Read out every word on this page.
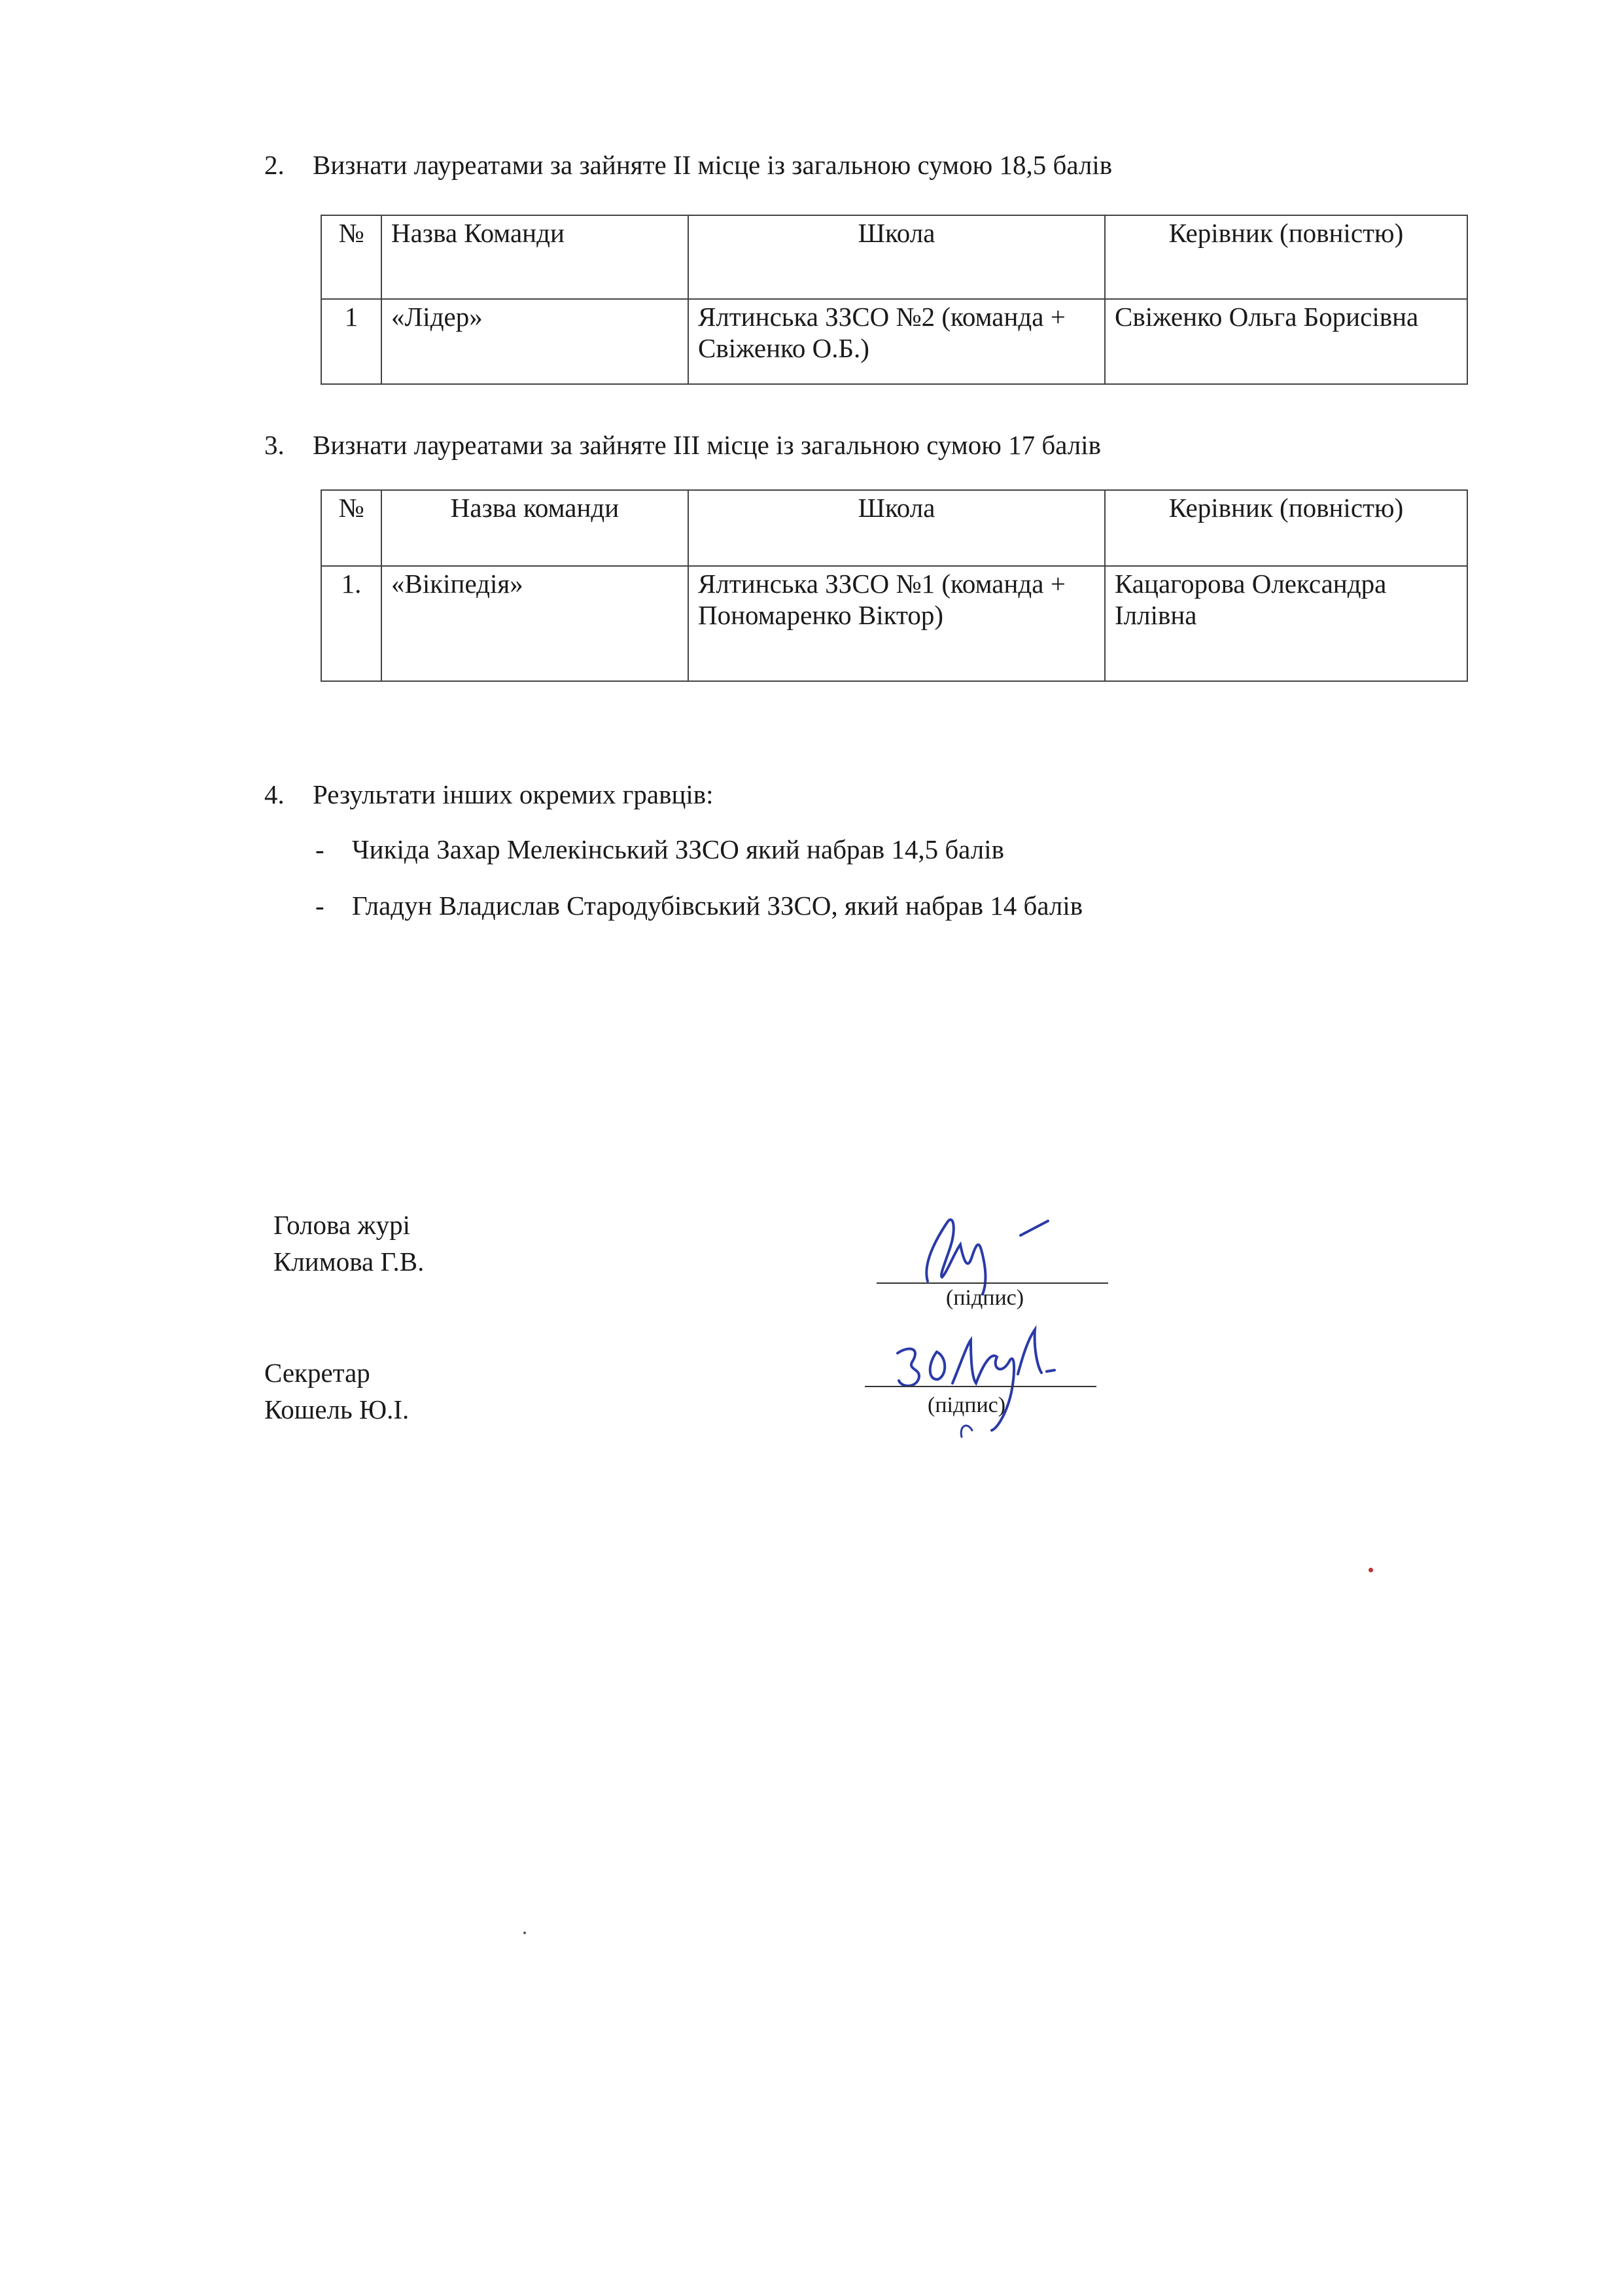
2. Визнати лауреатами за зайняте II місце із загальною сумою 18,5 балів
№	Назва Команди	Школа	Керівник (повністю)
1	«Лідер»	Ялтинська ЗЗСО №2 (команда + Свіженко О.Б.)	Свіженко Ольга Борисівна
3. Визнати лауреатами за зайняте III місце із загальною сумою 17 балів
№	Назва команди	Школа	Керівник (повністю)
1.	«Вікіпедія»	Ялтинська ЗЗСО №1 (команда + Пономаренко Віктор)	Кацагорова Олександра Іллівна
4. Результати інших окремих гравців:
- Чикіда Захар Мелекінський ЗЗСО який набрав 14,5 балів
- Гладун Владислав Стародубівський ЗЗСО, який набрав 14 балів
Голова журі
Климова Г.В.
(підпис)
Секретар
Кошель Ю.І.	(підпис)
